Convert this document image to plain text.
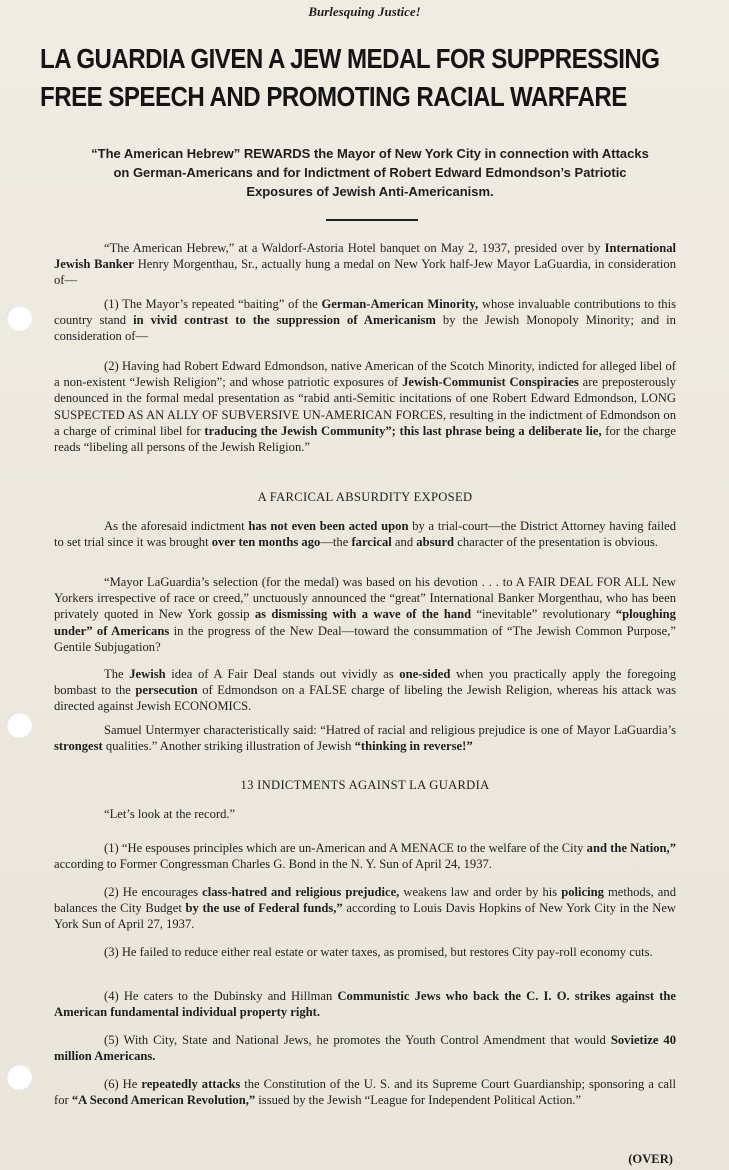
Burlesquing Justice!
LA GUARDIA GIVEN A JEW MEDAL FOR SUPPRESSING
FREE SPEECH AND PROMOTING RACIAL WARFARE
“The American Hebrew” REWARDS the Mayor of New York City in connection with Attacks
on German-Americans and for Indictment of Robert Edward Edmondson’s Patriotic
Exposures of Jewish Anti-Americanism.

“The American Hebrew,” at a Waldorf-Astoria Hotel banquet on May 2, 1937, presided over by International Jewish Banker Henry Morgenthau, Sr., actually hung a medal on New York half-Jew Mayor LaGuardia, in consideration of—

(1) The Mayor’s repeated “baiting” of the German-American Minority, whose invaluable contributions to this country stand in vivid contrast to the suppression of Americanism by the Jewish Monopoly Minority; and in consideration of—

(2) Having had Robert Edward Edmondson, native American of the Scotch Minority, indicted for alleged libel of a non-existent “Jewish Religion”; and whose patriotic exposures of Jewish-Communist Conspiracies are preposterously denounced in the formal medal presentation as “rabid anti-Semitic incitations of one Robert Edward Edmondson, LONG SUSPECTED AS AN ALLY OF SUBVERSIVE UN-AMERICAN FORCES, resulting in the indictment of Edmondson on a charge of criminal libel for traducing the Jewish Community”; this last phrase being a deliberate lie, for the charge reads “libeling all persons of the Jewish Religion.”

A FARCICAL ABSURDITY EXPOSED

As the aforesaid indictment has not even been acted upon by a trial-court—the District Attorney having failed to set trial since it was brought over ten months ago—the farcical and absurd character of the presentation is obvious.

“Mayor LaGuardia’s selection (for the medal) was based on his devotion . . . to A FAIR DEAL FOR ALL New Yorkers irrespective of race or creed,” unctuously announced the “great” International Banker Morgenthau, who has been privately quoted in New York gossip as dismissing with a wave of the hand “inevitable” revolutionary “ploughing under” of Americans in the progress of the New Deal—toward the consummation of “The Jewish Common Purpose,” Gentile Subjugation?

The Jewish idea of A Fair Deal stands out vividly as one-sided when you practically apply the foregoing bombast to the persecution of Edmondson on a FALSE charge of libeling the Jewish Religion, whereas his attack was directed against Jewish ECONOMICS.

Samuel Untermyer characteristically said: “Hatred of racial and religious prejudice is one of Mayor LaGuardia’s strongest qualities.” Another striking illustration of Jewish “thinking in reverse!”

13 INDICTMENTS AGAINST LA GUARDIA

“Let’s look at the record.”

(1) “He espouses principles which are un-American and A MENACE to the welfare of the City and the Nation,” according to Former Congressman Charles G. Bond in the N. Y. Sun of April 24, 1937.

(2) He encourages class-hatred and religious prejudice, weakens law and order by his policing methods, and balances the City Budget by the use of Federal funds,” according to Louis Davis Hopkins of New York City in the New York Sun of April 27, 1937.

(3) He failed to reduce either real estate or water taxes, as promised, but restores City pay-roll economy cuts.

(4) He caters to the Dubinsky and Hillman Communistic Jews who back the C. I. O. strikes against the American fundamental individual property right.

(5) With City, State and National Jews, he promotes the Youth Control Amendment that would Sovietize 40 million Americans.

(6) He repeatedly attacks the Constitution of the U. S. and its Supreme Court Guardianship; sponsoring a call for “A Second American Revolution,” issued by the Jewish “League for Independent Political Action.”

(OVER)
